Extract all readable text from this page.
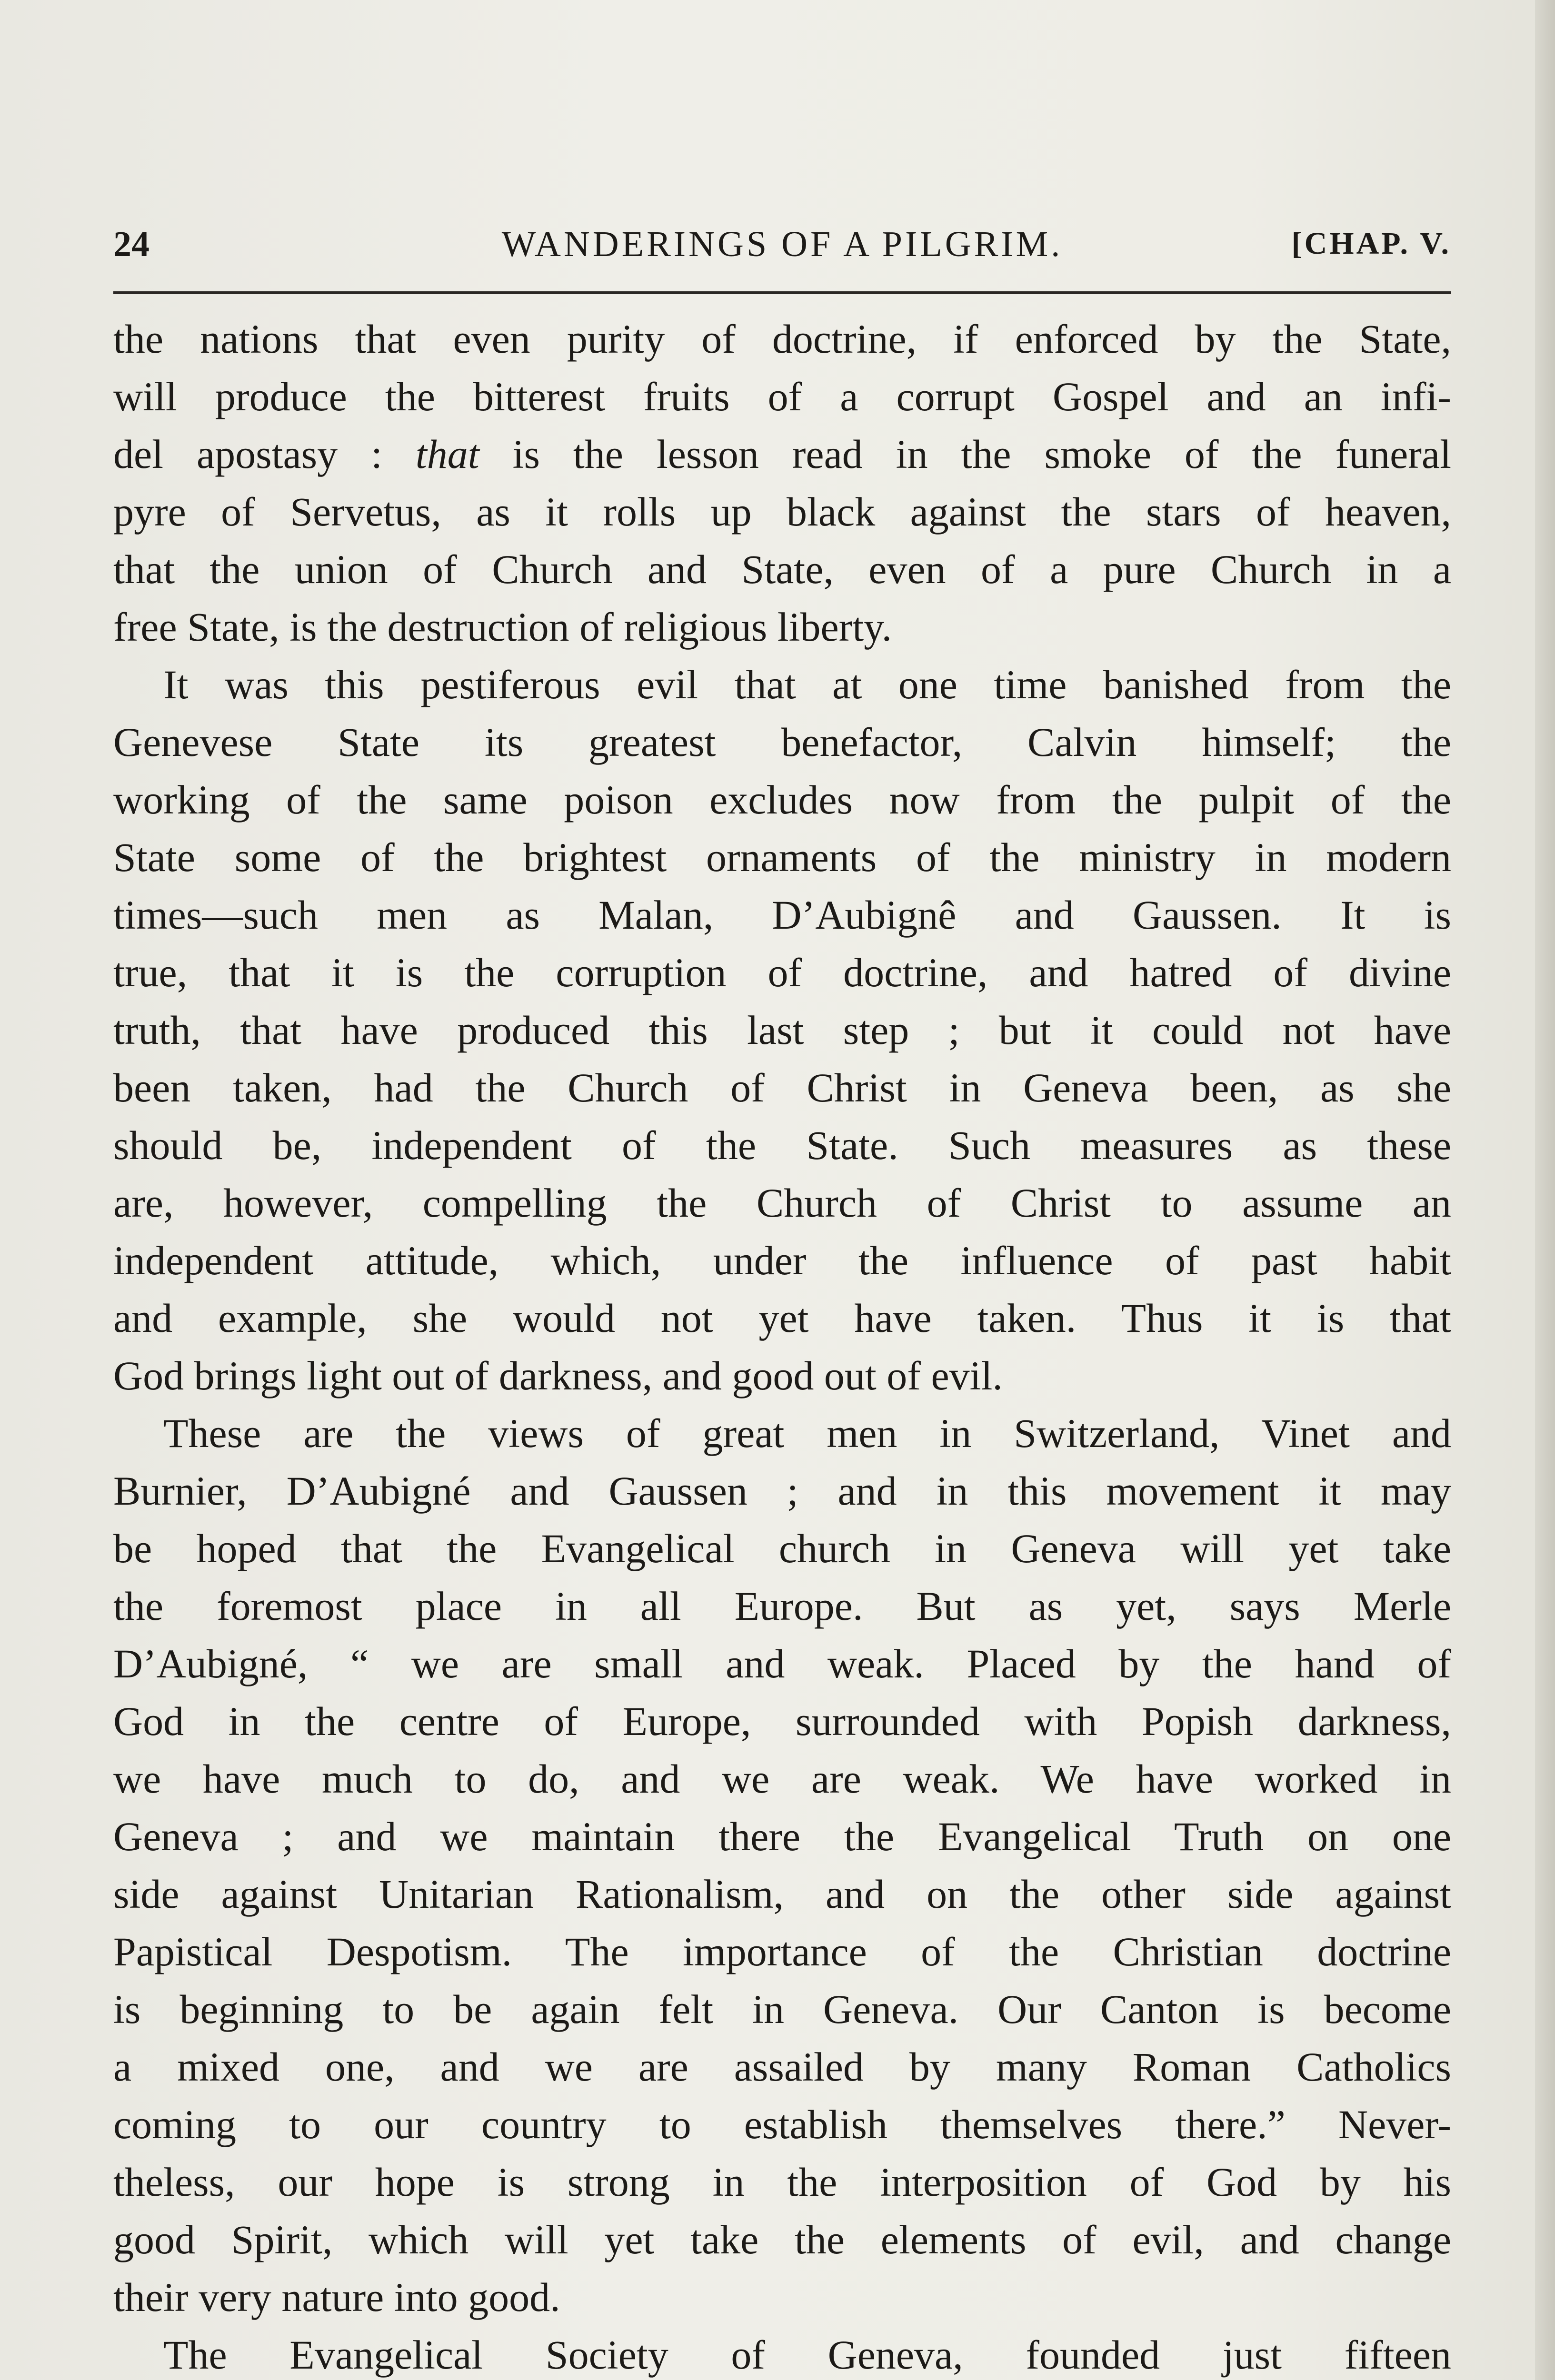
24	WANDERINGS OF A PILGRIM.	[CHAP. V.
the nations that even purity of doctrine, if enforced by the State,
will produce the bitterest fruits of a corrupt Gospel and an infi-
del apostasy : that is the lesson read in the smoke of the funeral
pyre of Servetus, as it rolls up black against the stars of heaven,
that the union of Church and State, even of a pure Church in a
free State, is the destruction of religious liberty.
It was this pestiferous evil that at one time banished from the
Genevese State its greatest benefactor, Calvin himself; the
working of the same poison excludes now from the pulpit of the
State some of the brightest ornaments of the ministry in modern
times—such men as Malan, D’Aubignê and Gaussen. It is
true, that it is the corruption of doctrine, and hatred of divine
truth, that have produced this last step ; but it could not have
been taken, had the Church of Christ in Geneva been, as she
should be, independent of the State. Such measures as these
are, however, compelling the Church of Christ to assume an
independent attitude, which, under the influence of past habit
and example, she would not yet have taken. Thus it is that
God brings light out of darkness, and good out of evil.
These are the views of great men in Switzerland, Vinet and
Burnier, D’Aubigné and Gaussen ; and in this movement it may
be hoped that the Evangelical church in Geneva will yet take
the foremost place in all Europe. But as yet, says Merle
D’Aubigné, “ we are small and weak. Placed by the hand of
God in the centre of Europe, surrounded with Popish darkness,
we have much to do, and we are weak. We have worked in
Geneva ; and we maintain there the Evangelical Truth on one
side against Unitarian Rationalism, and on the other side against
Papistical Despotism. The importance of the Christian doctrine
is beginning to be again felt in Geneva. Our Canton is become
a mixed one, and we are assailed by many Roman Catholics
coming to our country to establish themselves there.” Never-
theless, our hope is strong in the interposition of God by his
good Spirit, which will yet take the elements of evil, and change
their very nature into good.
The Evangelical Society of Geneva, founded just fifteen
